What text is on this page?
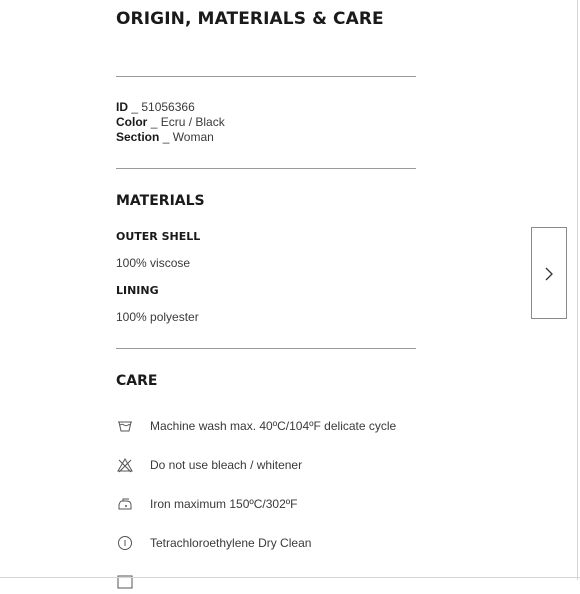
ORIGIN, MATERIALS & CARE
ID _ 51056366
Color _ Ecru / Black
Section _ Woman
MATERIALS
OUTER SHELL
100% viscose
LINING
100% polyester
CARE
Machine wash max. 40ºC/104ºF delicate cycle
Do not use bleach / whitener
Iron maximum 150ºC/302ºF
Tetrachloroethylene Dry Clean
